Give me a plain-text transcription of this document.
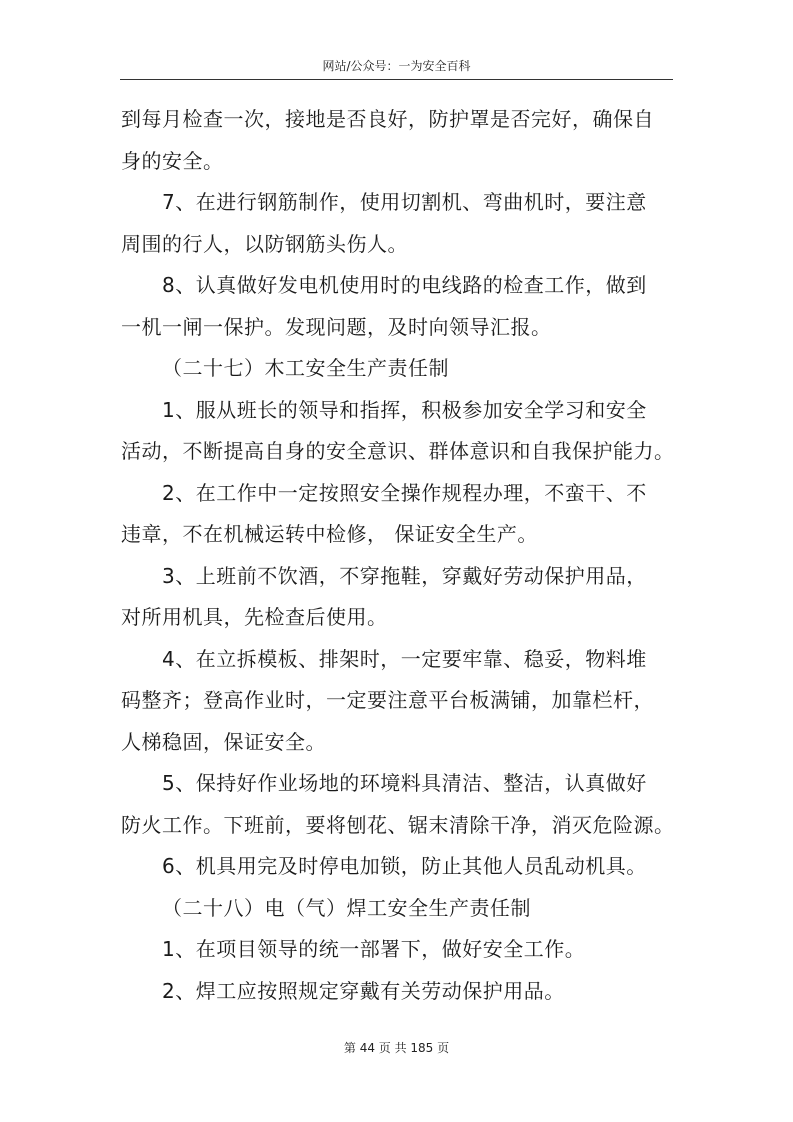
网站/公众号：一为安全百科
到每月检查一次，接地是否良好，防护罩是否完好，确保自
身的安全。
7、在进行钢筋制作，使用切割机、弯曲机时，要注意
周围的行人，以防钢筋头伤人。
8、认真做好发电机使用时的电线路的检查工作，做到
一机一闸一保护。发现问题，及时向领导汇报。
（二十七）木工安全生产责任制
1、服从班长的领导和指挥，积极参加安全学习和安全
活动，不断提高自身的安全意识、群体意识和自我保护能力。
2、在工作中一定按照安全操作规程办理，不蛮干、不
违章，不在机械运转中检修， 保证安全生产。
3、上班前不饮酒，不穿拖鞋，穿戴好劳动保护用品，
对所用机具，先检查后使用。
4、在立拆模板、排架时，一定要牢靠、稳妥，物料堆
码整齐；登高作业时，一定要注意平台板满铺，加靠栏杆，
人梯稳固，保证安全。
5、保持好作业场地的环境料具清洁、整洁，认真做好
防火工作。下班前，要将刨花、锯末清除干净，消灭危险源。
6、机具用完及时停电加锁，防止其他人员乱动机具。
（二十八）电（气）焊工安全生产责任制
1、在项目领导的统一部署下，做好安全工作。
2、焊工应按照规定穿戴有关劳动保护用品。
第 44 页 共 185 页
